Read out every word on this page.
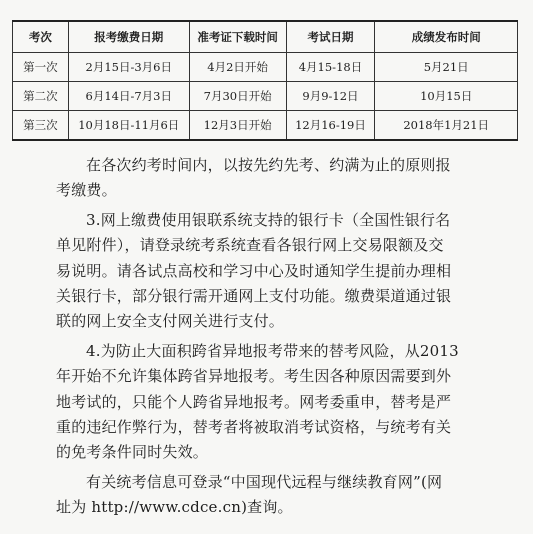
考次	报考缴费日期	准考证下载时间	考试日期	成绩发布时间
第一次	2月15日-3月6日	4月2日开始	4月15-18日	5月21日
第二次	6月14日-7月3日	7月30日开始	9月9-12日	10月15日
第三次	10月18日-11月6日	12月3日开始	12月16-19日	2018年1月21日

在各次约考时间内，以按先约先考、约满为止的原则报
考缴费。

3.网上缴费使用银联系统支持的银行卡（全国性银行名
单见附件），请登录统考系统查看各银行网上交易限额及交
易说明。请各试点高校和学习中心及时通知学生提前办理相
关银行卡，部分银行需开通网上支付功能。缴费渠道通过银
联的网上安全支付网关进行支付。

4.为防止大面积跨省异地报考带来的替考风险，从2013
年开始不允许集体跨省异地报考。考生因各种原因需要到外
地考试的，只能个人跨省异地报考。网考委重申，替考是严
重的违纪作弊行为，替考者将被取消考试资格，与统考有关
的免考条件同时失效。

有关统考信息可登录“中国现代远程与继续教育网”(网
址为 http://www.cdce.cn)查询。
